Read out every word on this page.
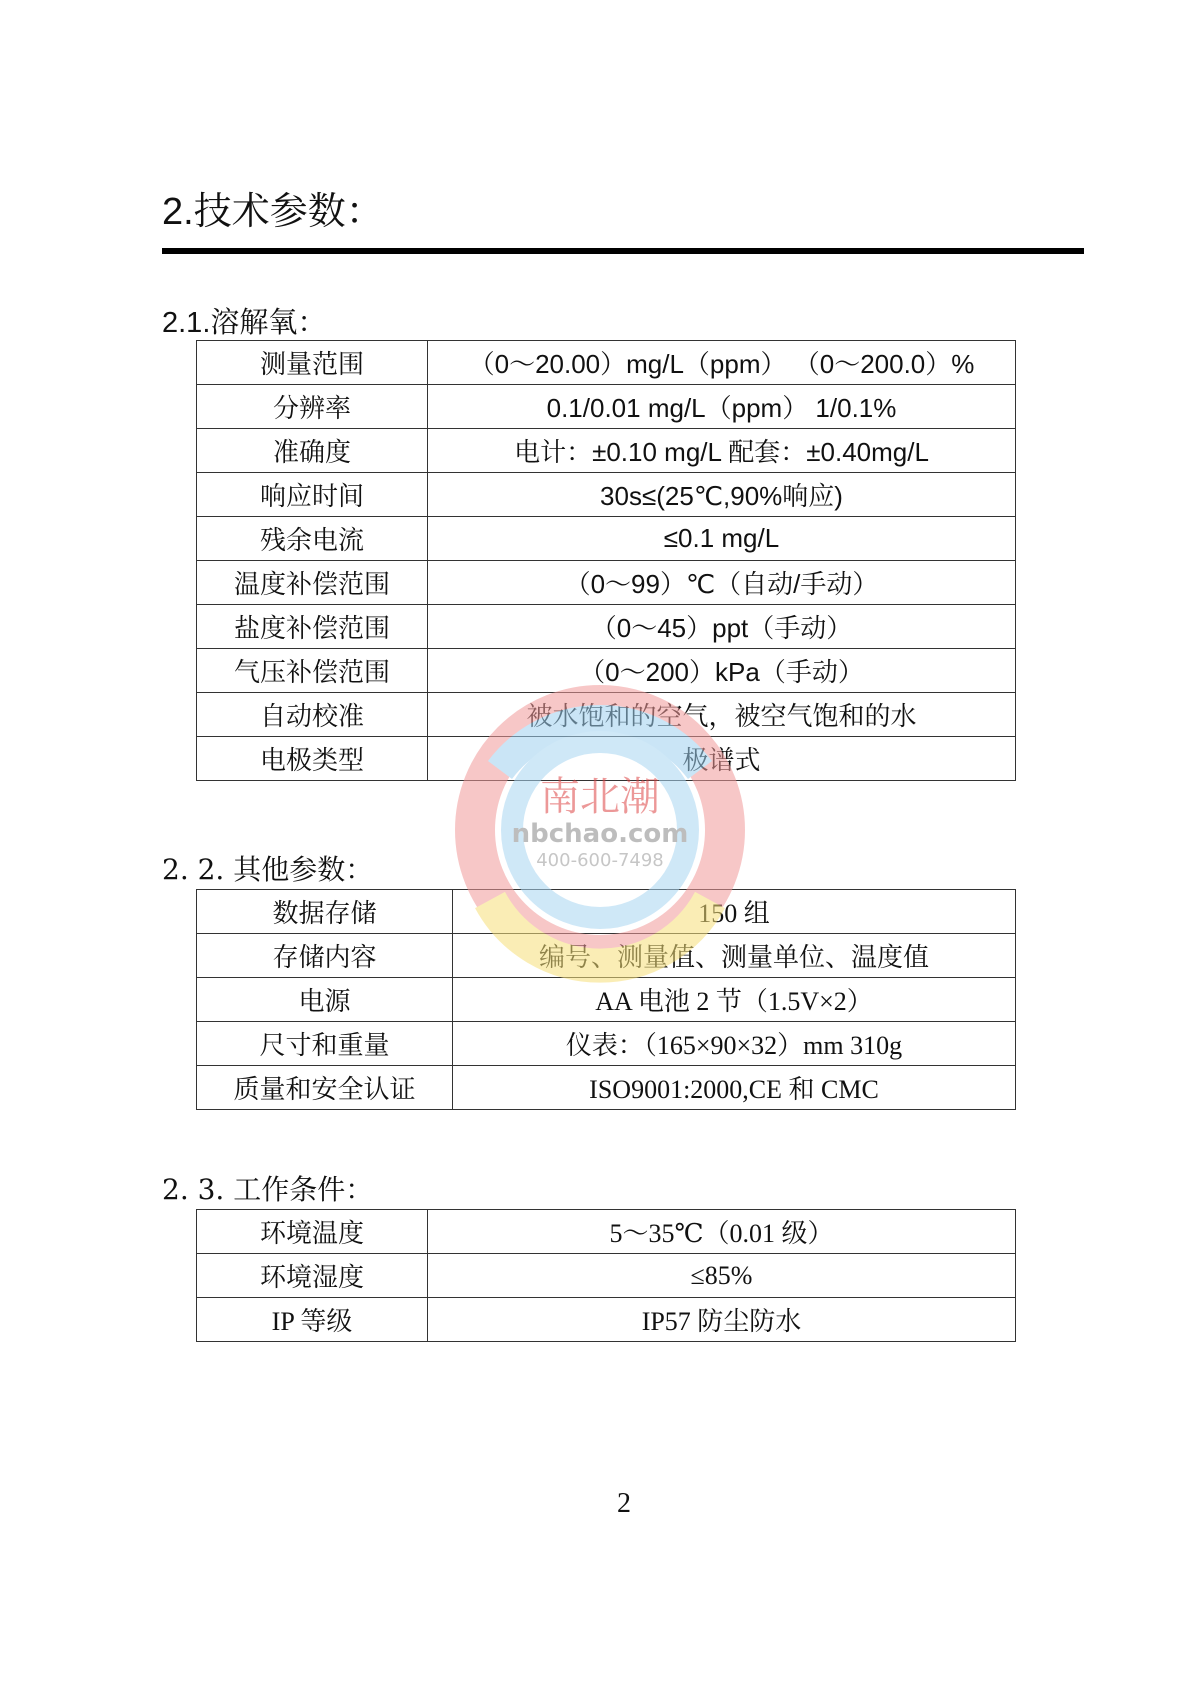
2.技术参数：
2.1.溶解氧：
测量范围	（0～20.00）mg/L（ppm） （0～200.0）%
分辨率	0.1/0.01 mg/L（ppm） 1/0.1%
准确度	电计：±0.10 mg/L 配套：±0.40mg/L
响应时间	30s≤(25℃,90%响应)
残余电流	≤0.1 mg/L
温度补偿范围	（0～99）℃（自动/手动）
盐度补偿范围	（0～45）ppt（手动）
气压补偿范围	（0～200）kPa（手动）
自动校准	被水饱和的空气，被空气饱和的水
电极类型	极谱式
2. 2. 其他参数：
数据存储	150 组
存储内容	编号、测量值、测量单位、温度值
电源	AA 电池 2 节（1.5V×2）
尺寸和重量	仪表：（165×90×32）mm 310g
质量和安全认证	ISO9001:2000,CE 和 CMC
2. 3. 工作条件：
环境温度	5～35℃（0.01 级）
环境湿度	≤85%
IP 等级	IP57 防尘防水
南北潮
nbchao.com
400-600-7498
2
